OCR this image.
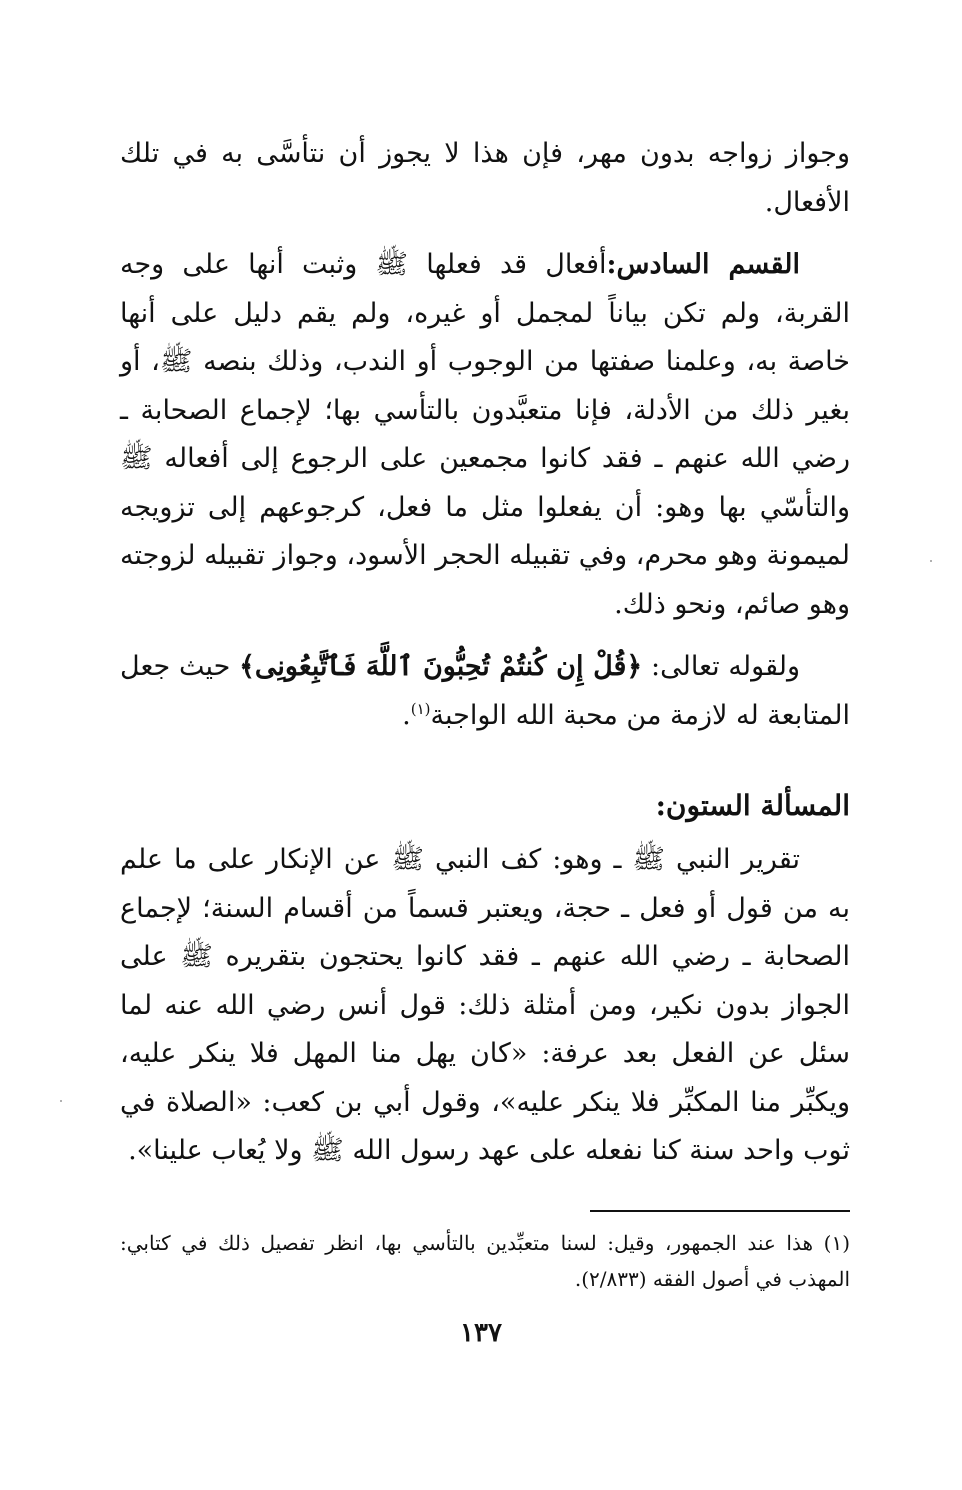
وجواز زواجه بدون مهر، فإن هذا لا يجوز أن نتأسَّى به في تلك الأفعال.

القسم السادس:أفعال قد فعلها ﷺ وثبت أنها على وجه القربة، ولم تكن بياناً لمجمل أو غيره، ولم يقم دليل على أنها خاصة به، وعلمنا صفتها من الوجوب أو الندب، وذلك بنصه ﷺ، أو بغير ذلك من الأدلة، فإنا متعبَّدون بالتأسي بها؛ لإجماع الصحابة ـ رضي الله عنهم ـ فقد كانوا مجمعين على الرجوع إلى أفعاله ﷺ والتأسّي بها وهو: أن يفعلوا مثل ما فعل، كرجوعهم إلى تزويجه لميمونة وهو محرم، وفي تقبيله الحجر الأسود، وجواز تقبيله لزوجته وهو صائم، ونحو ذلك.

ولقوله تعالى: ﴿قُلْ إِن كُنتُمْ تُحِبُّونَ ٱللَّهَ فَٱتَّبِعُونِى﴾ حيث جعل المتابعة له لازمة من محبة الله الواجبة$^{(١)}$.

المسألة الستون:

تقرير النبي ﷺ ـ وهو: كف النبي ﷺ عن الإنكار على ما علم به من قول أو فعل ـ حجة، ويعتبر قسماً من أقسام السنة؛ لإجماع الصحابة ـ رضي الله عنهم ـ فقد كانوا يحتجون بتقريره ﷺ على الجواز بدون نكير، ومن أمثلة ذلك: قول أنس رضي الله عنه لما سئل عن الفعل بعد عرفة: «كان يهل منا المهل فلا ينكر عليه، ويكبِّر منا المكبِّر فلا ينكر عليه»، وقول أبي بن كعب: «الصلاة في ثوب واحد سنة كنا نفعله على عهد رسول الله ﷺ ولا يُعاب علينا».

(١) هذا عند الجمهور، وقيل: لسنا متعبِّدين بالتأسي بها، انظر تفصيل ذلك في كتابي: المهذب في أصول الفقه (٢/٨٣٣).

١٣٧
